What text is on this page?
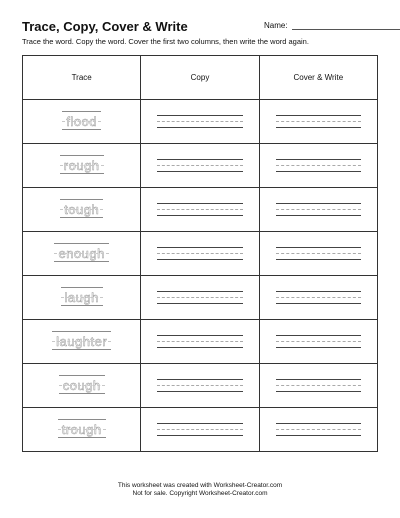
Trace, Copy, Cover & Write	Name:
Trace the word. Copy the word. Cover the first two columns, then write the word again.
Trace	Copy	Cover & Write

flood		

rough		

tough		

enough		

laugh		

laughter		

cough		

trough		

This worksheet was created with Worksheet-Creator.com
Not for sale. Copyright Worksheet-Creator.com
